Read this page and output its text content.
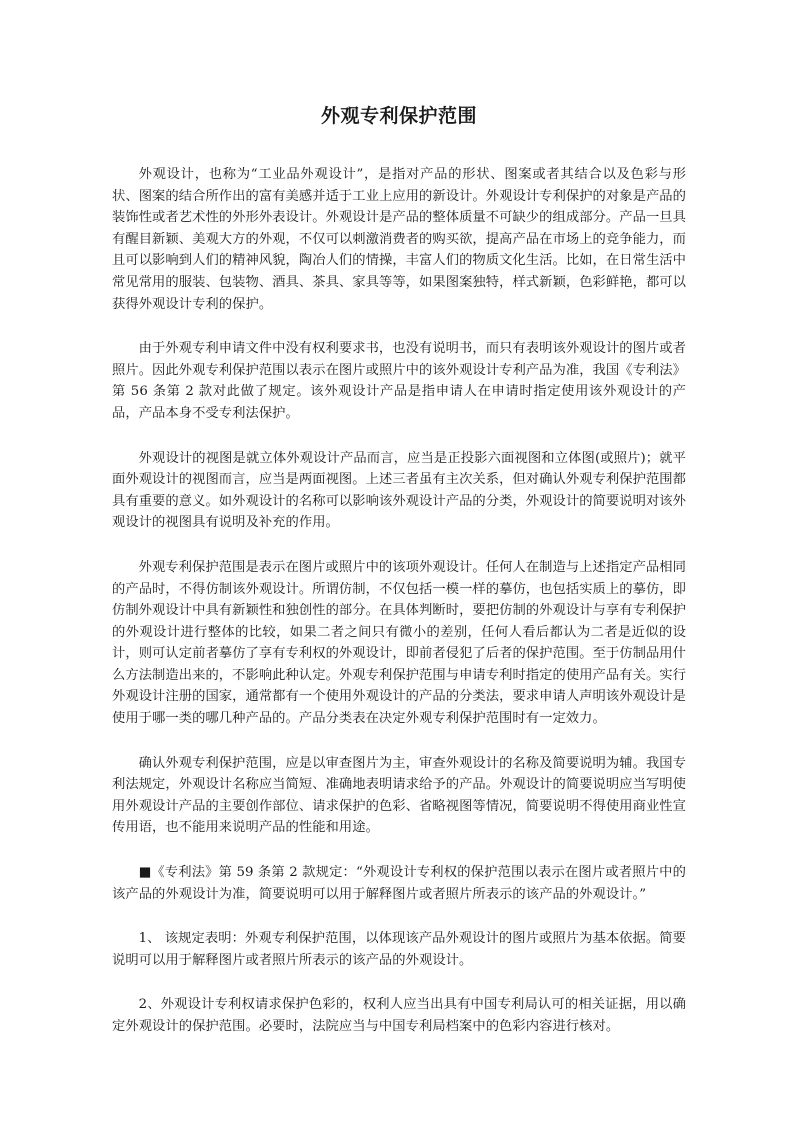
外观专利保护范围

外观设计，也称为“工业品外观设计”，是指对产品的形状、图案或者其结合以及色彩与形状、图案的结合所作出的富有美感并适于工业上应用的新设计。外观设计专利保护的对象是产品的装饰性或者艺术性的外形外表设计。外观设计是产品的整体质量不可缺少的组成部分。产品一旦具有醒目新颖、美观大方的外观，不仅可以刺激消费者的购买欲，提高产品在市场上的竞争能力，而且可以影响到人们的精神风貌，陶冶人们的情操，丰富人们的物质文化生活。比如，在日常生活中常见常用的服装、包装物、酒具、茶具、家具等等，如果图案独特，样式新颖，色彩鲜艳，都可以获得外观设计专利的保护。

由于外观专利申请文件中没有权利要求书，也没有说明书，而只有表明该外观设计的图片或者照片。因此外观专利保护范围以表示在图片或照片中的该外观设计专利产品为准，我国《专利法》第 56 条第 2 款对此做了规定。该外观设计产品是指申请人在申请时指定使用该外观设计的产品，产品本身不受专利法保护。

外观设计的视图是就立体外观设计产品而言，应当是正投影六面视图和立体图(或照片)；就平面外观设计的视图而言，应当是两面视图。上述三者虽有主次关系，但对确认外观专利保护范围都具有重要的意义。如外观设计的名称可以影响该外观设计产品的分类，外观设计的简要说明对该外观设计的视图具有说明及补充的作用。

外观专利保护范围是表示在图片或照片中的该项外观设计。任何人在制造与上述指定产品相同的产品时，不得仿制该外观设计。所谓仿制，不仅包括一模一样的摹仿，也包括实质上的摹仿，即仿制外观设计中具有新颖性和独创性的部分。在具体判断时，要把仿制的外观设计与享有专利保护的外观设计进行整体的比较，如果二者之间只有微小的差别，任何人看后都认为二者是近似的设计，则可认定前者摹仿了享有专利权的外观设计，即前者侵犯了后者的保护范围。至于仿制品用什么方法制造出来的，不影响此种认定。外观专利保护范围与申请专利时指定的使用产品有关。实行外观设计注册的国家，通常都有一个使用外观设计的产品的分类法，要求申请人声明该外观设计是使用于哪一类的哪几种产品的。产品分类表在决定外观专利保护范围时有一定效力。

确认外观专利保护范围，应是以审查图片为主，审查外观设计的名称及简要说明为辅。我国专利法规定，外观设计名称应当简短、准确地表明请求给予的产品。外观设计的简要说明应当写明使用外观设计产品的主要创作部位、请求保护的色彩、省略视图等情况，简要说明不得使用商业性宣传用语，也不能用来说明产品的性能和用途。

■《专利法》第 59 条第 2 款规定：“外观设计专利权的保护范围以表示在图片或者照片中的该产品的外观设计为准，简要说明可以用于解释图片或者照片所表示的该产品的外观设计。”

1、 该规定表明：外观专利保护范围，以体现该产品外观设计的图片或照片为基本依据。简要说明可以用于解释图片或者照片所表示的该产品的外观设计。

2、外观设计专利权请求保护色彩的，权利人应当出具有中国专利局认可的相关证据，用以确定外观设计的保护范围。必要时，法院应当与中国专利局档案中的色彩内容进行核对。
